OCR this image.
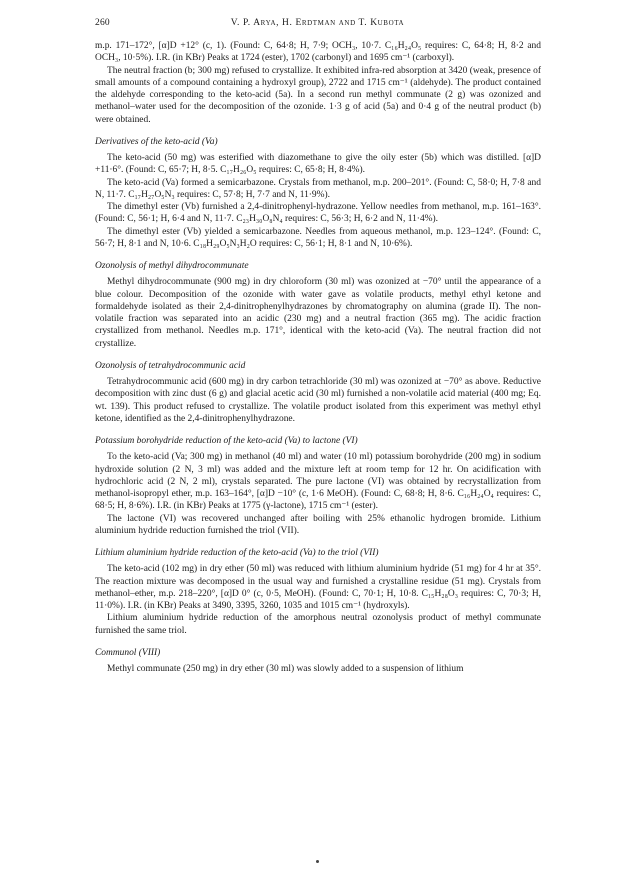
260	V. P. Arya, H. Erdtman and T. Kubota

m.p. 171–172°, [α]D +12° (c, 1). (Found: C, 64·8; H, 7·9; OCH₃, 10·7. C₁₆H₂₄O₅ requires: C, 64·8; H, 8·2 and OCH₃, 10·5%). I.R. (in KBr) Peaks at 1724 (ester), 1702 (carbonyl) and 1695 cm⁻¹ (carboxyl).

The neutral fraction (b; 300 mg) refused to crystallize. It exhibited infra-red absorption at 3420 (weak, presence of small amounts of a compound containing a hydroxyl group), 2722 and 1715 cm⁻¹ (aldehyde). The product contained the aldehyde corresponding to the keto-acid (5a). In a second run methyl communate (2 g) was ozonized and methanol–water used for the decomposition of the ozonide. 1·3 g of acid (5a) and 0·4 g of the neutral product (b) were obtained.

Derivatives of the keto-acid (Va)

The keto-acid (50 mg) was esterified with diazomethane to give the oily ester (5b) which was distilled. [α]D +11·6°. (Found: C, 65·7; H, 8·5. C₁₇H₂₆O₅ requires: C, 65·8; H, 8·4%).

The keto-acid (Va) formed a semicarbazone. Crystals from methanol, m.p. 200–201°. (Found: C, 58·0; H, 7·8 and N, 11·7. C₁₇H₂₇O₅N₃ requires: C, 57·8; H, 7·7 and N, 11·9%).

The dimethyl ester (Vb) furnished a 2,4-dinitrophenyl-hydrazone. Yellow needles from methanol, m.p. 161–163°. (Found: C, 56·1; H, 6·4 and N, 11·7. C₂₃H₃₀O₈N₄ requires: C, 56·3; H, 6·2 and N, 11·4%).

The dimethyl ester (Vb) yielded a semicarbazone. Needles from aqueous methanol, m.p. 123–124°. (Found: C, 56·7; H, 8·1 and N, 10·6. C₁₈H₂₉O₅N₃H₂O requires: C, 56·1; H, 8·1 and N, 10·6%).

Ozonolysis of methyl dihydrocommunate

Methyl dihydrocommunate (900 mg) in dry chloroform (30 ml) was ozonized at −70° until the appearance of a blue colour. Decomposition of the ozonide with water gave as volatile products, methyl ethyl ketone and formaldehyde isolated as their 2,4-dinitrophenylhydrazones by chromatography on alumina (grade II). The non-volatile fraction was separated into an acidic (230 mg) and a neutral fraction (365 mg). The acidic fraction crystallized from methanol. Needles m.p. 171°, identical with the keto-acid (Va). The neutral fraction did not crystallize.

Ozonolysis of tetrahydrocommunic acid

Tetrahydrocommunic acid (600 mg) in dry carbon tetrachloride (30 ml) was ozonized at −70° as above. Reductive decomposition with zinc dust (6 g) and glacial acetic acid (30 ml) furnished a non-volatile acid material (400 mg; Eq. wt. 139). This product refused to crystallize. The volatile product isolated from this experiment was methyl ethyl ketone, identified as the 2,4-dinitrophenylhydrazone.

Potassium borohydride reduction of the keto-acid (Va) to lactone (VI)

To the keto-acid (Va; 300 mg) in methanol (40 ml) and water (10 ml) potassium borohydride (200 mg) in sodium hydroxide solution (2 N, 3 ml) was added and the mixture left at room temp for 12 hr. On acidification with hydrochloric acid (2 N, 2 ml), crystals separated. The pure lactone (VI) was obtained by recrystallization from methanol-isopropyl ether, m.p. 163–164°, [α]D −10° (c, 1·6 MeOH). (Found: C, 68·8; H, 8·6. C₁₆H₂₄O₄ requires: C, 68·5; H, 8·6%). I.R. (in KBr) Peaks at 1775 (γ-lactone), 1715 cm⁻¹ (ester).

The lactone (VI) was recovered unchanged after boiling with 25% ethanolic hydrogen bromide. Lithium aluminium hydride reduction furnished the triol (VII).

Lithium aluminium hydride reduction of the keto-acid (Va) to the triol (VII)

The keto-acid (102 mg) in dry ether (50 ml) was reduced with lithium aluminium hydride (51 mg) for 4 hr at 35°. The reaction mixture was decomposed in the usual way and furnished a crystalline residue (51 mg). Crystals from methanol–ether, m.p. 218–220°, [α]D 0° (c, 0·5, MeOH). (Found: C, 70·1; H, 10·8. C₁₅H₂₈O₃ requires: C, 70·3; H, 11·0%). I.R. (in KBr) Peaks at 3490, 3395, 3260, 1035 and 1015 cm⁻¹ (hydroxyls).

Lithium aluminium hydride reduction of the amorphous neutral ozonolysis product of methyl communate furnished the same triol.

Communol (VIII)

Methyl communate (250 mg) in dry ether (30 ml) was slowly added to a suspension of lithium
